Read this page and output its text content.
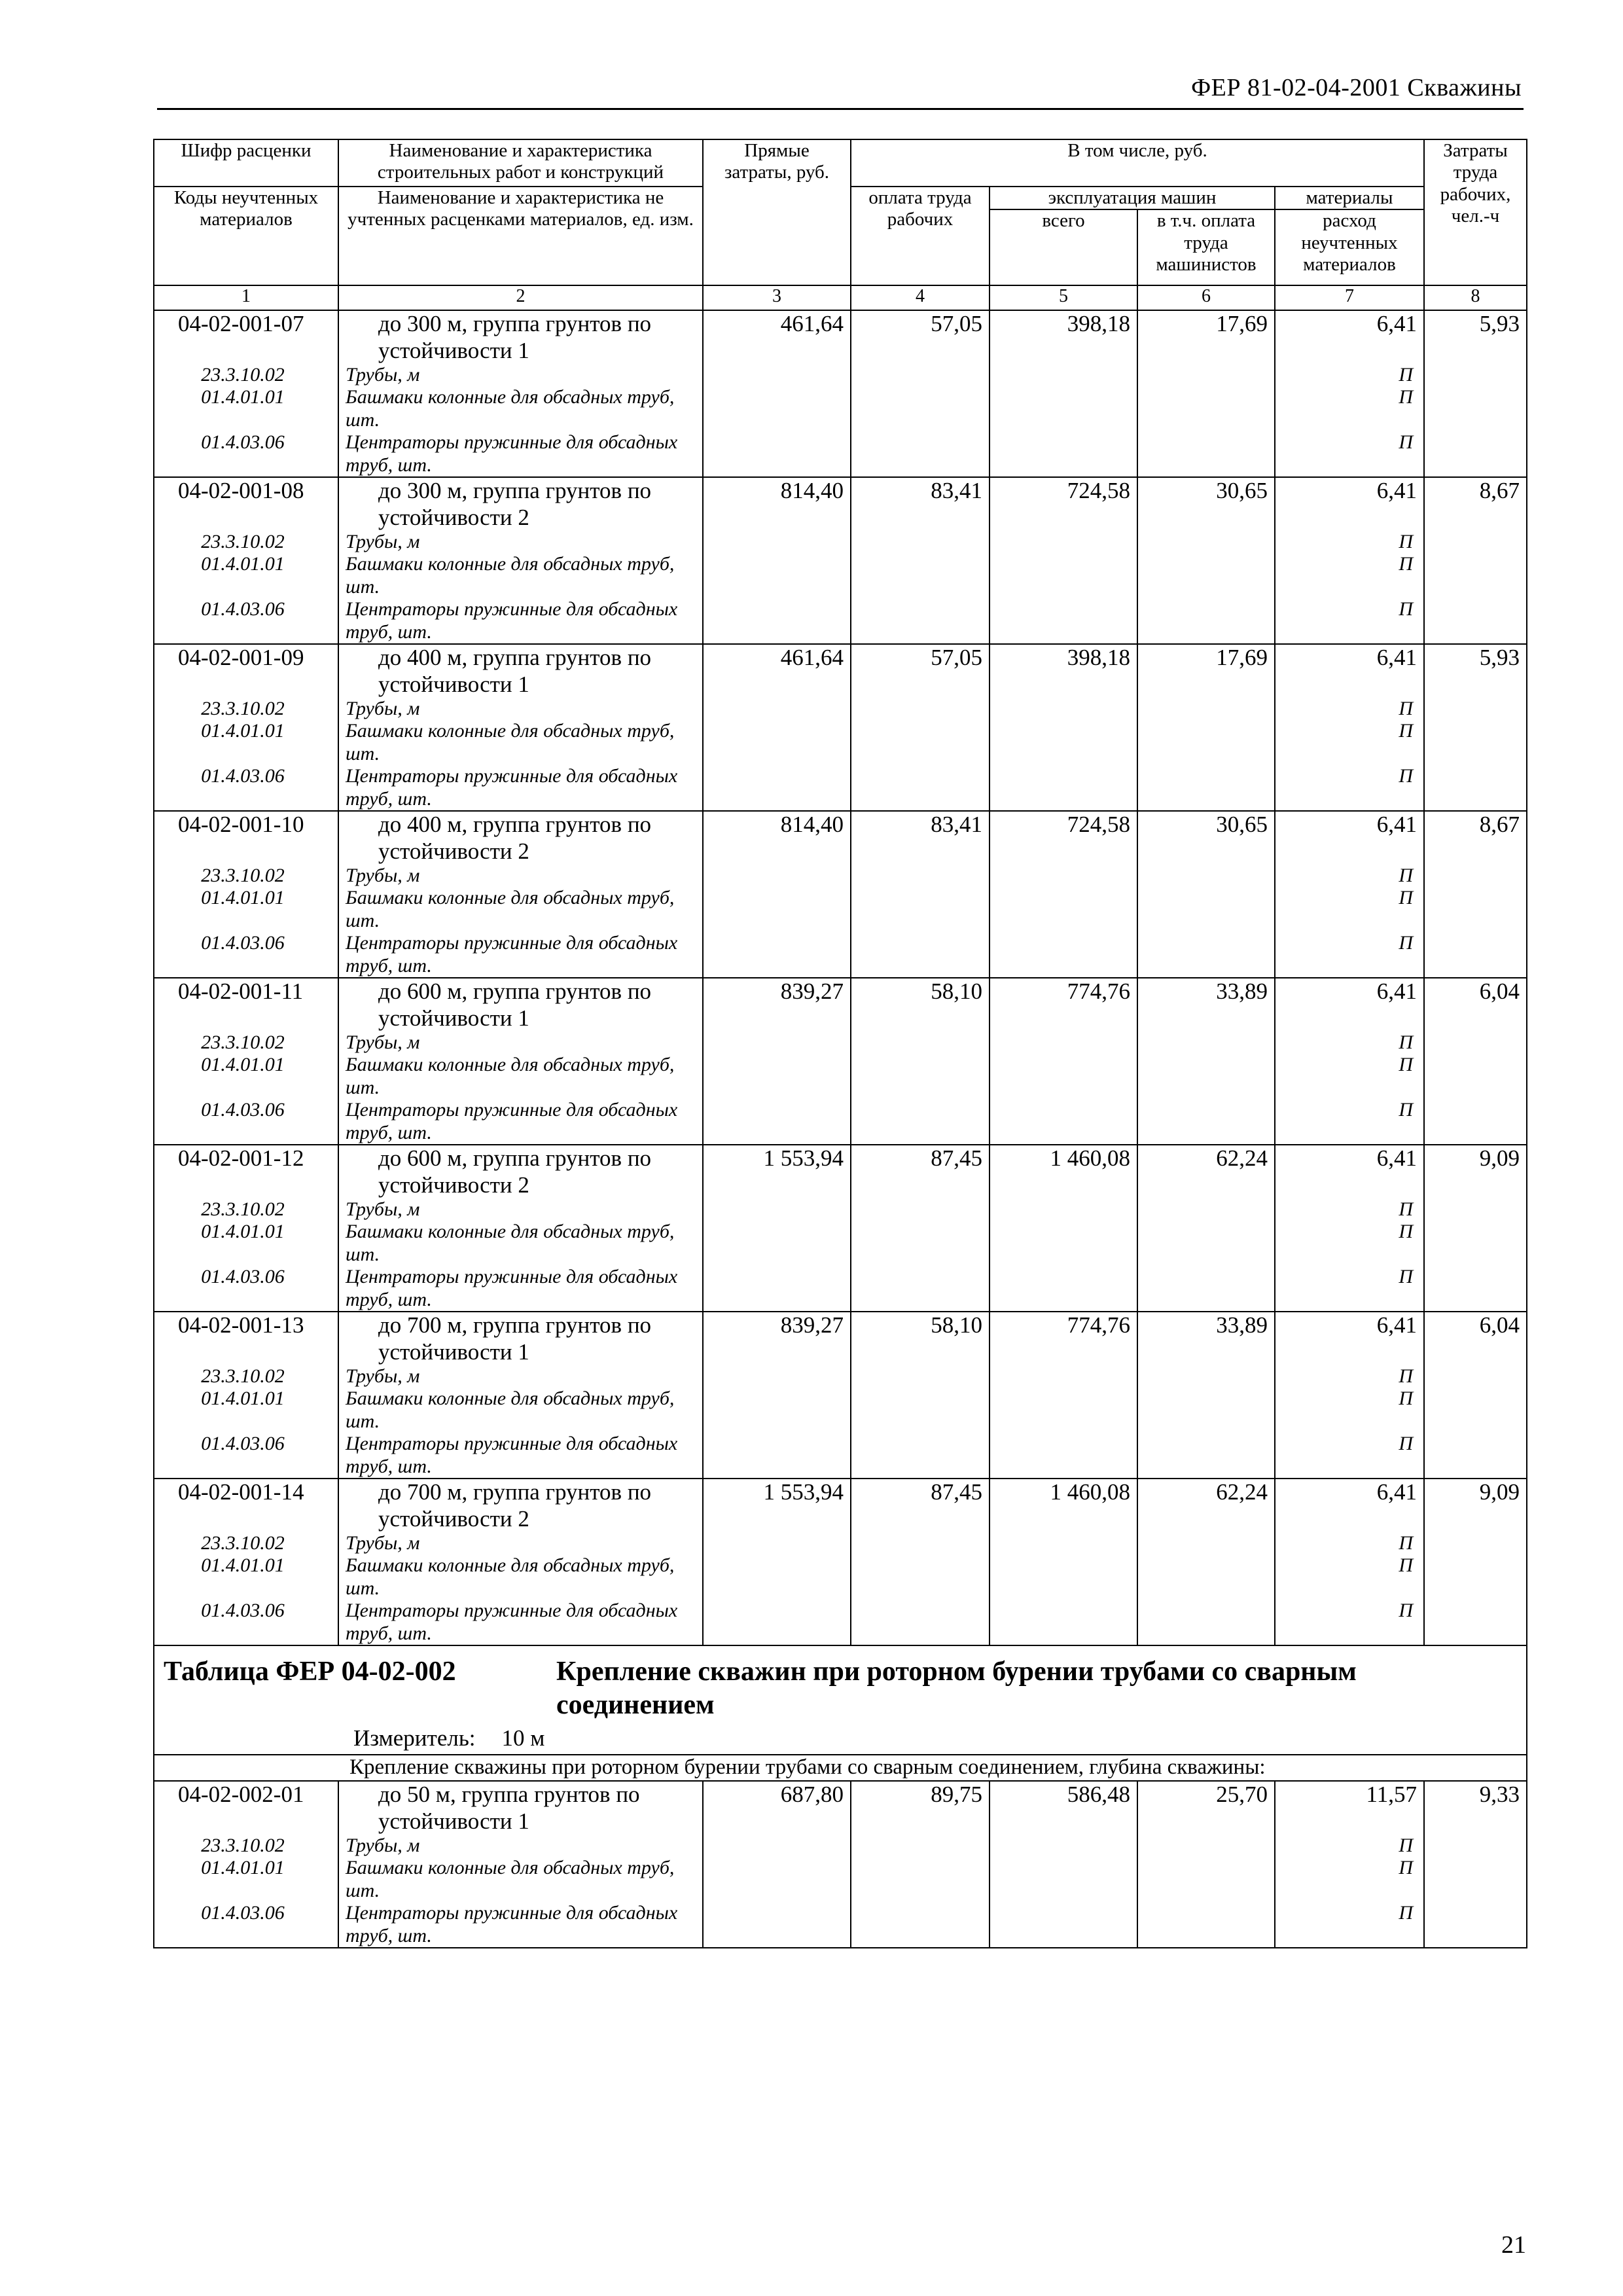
ФЕР 81-02-04-2001 Скважины
Шифр расценки	Наименование и характеристика строительных работ и конструкций	Прямые затраты, руб.	В том числе, руб.				Затраты труда рабочих, чел.-ч
Коды неучтенных материалов	Наименование и характеристика не учтенных расценками материалов, ед. изм.		оплата труда рабочих	эксплуатация машин		материалы	
				всего	в т.ч. оплата труда машинистов	расход неучтенных материалов	
1	2	3	4	5	6	7	8
04-02-001-07	до 300 м, группа грунтов по устойчивости 1	461,64	57,05	398,18	17,69	6,41	5,93
23.3.10.02	Трубы, м					П	
01.4.01.01	Башмаки колонные для обсадных труб, шт.					П	
01.4.03.06	Центраторы пружинные для обсадных труб, шт.					П	
04-02-001-08	до 300 м, группа грунтов по устойчивости 2	814,40	83,41	724,58	30,65	6,41	8,67
23.3.10.02	Трубы, м					П	
01.4.01.01	Башмаки колонные для обсадных труб, шт.					П	
01.4.03.06	Центраторы пружинные для обсадных труб, шт.					П	
04-02-001-09	до 400 м, группа грунтов по устойчивости 1	461,64	57,05	398,18	17,69	6,41	5,93
23.3.10.02	Трубы, м					П	
01.4.01.01	Башмаки колонные для обсадных труб, шт.					П	
01.4.03.06	Центраторы пружинные для обсадных труб, шт.					П	
04-02-001-10	до 400 м, группа грунтов по устойчивости 2	814,40	83,41	724,58	30,65	6,41	8,67
23.3.10.02	Трубы, м					П	
01.4.01.01	Башмаки колонные для обсадных труб, шт.					П	
01.4.03.06	Центраторы пружинные для обсадных труб, шт.					П	
04-02-001-11	до 600 м, группа грунтов по устойчивости 1	839,27	58,10	774,76	33,89	6,41	6,04
23.3.10.02	Трубы, м					П	
01.4.01.01	Башмаки колонные для обсадных труб, шт.					П	
01.4.03.06	Центраторы пружинные для обсадных труб, шт.					П	
04-02-001-12	до 600 м, группа грунтов по устойчивости 2	1 553,94	87,45	1 460,08	62,24	6,41	9,09
23.3.10.02	Трубы, м					П	
01.4.01.01	Башмаки колонные для обсадных труб, шт.					П	
01.4.03.06	Центраторы пружинные для обсадных труб, шт.					П	
04-02-001-13	до 700 м, группа грунтов по устойчивости 1	839,27	58,10	774,76	33,89	6,41	6,04
23.3.10.02	Трубы, м					П	
01.4.01.01	Башмаки колонные для обсадных труб, шт.					П	
01.4.03.06	Центраторы пружинные для обсадных труб, шт.					П	
04-02-001-14	до 700 м, группа грунтов по устойчивости 2	1 553,94	87,45	1 460,08	62,24	6,41	9,09
23.3.10.02	Трубы, м					П	
01.4.01.01	Башмаки колонные для обсадных труб, шт.					П	
01.4.03.06	Центраторы пружинные для обсадных труб, шт.					П	

Таблица ФЕР 04-02-002 Крепление скважин при роторном бурении трубами со сварным соединением
Измеритель: 10 м							

Крепление скважины при роторном бурении трубами со сварным соединением, глубина скважины:							
04-02-002-01	до 50 м, группа грунтов по устойчивости 1	687,80	89,75	586,48	25,70	11,57	9,33
23.3.10.02	Трубы, м					П	
01.4.01.01	Башмаки колонные для обсадных труб, шт.					П	
01.4.03.06	Центраторы пружинные для обсадных труб, шт.					П	
21
